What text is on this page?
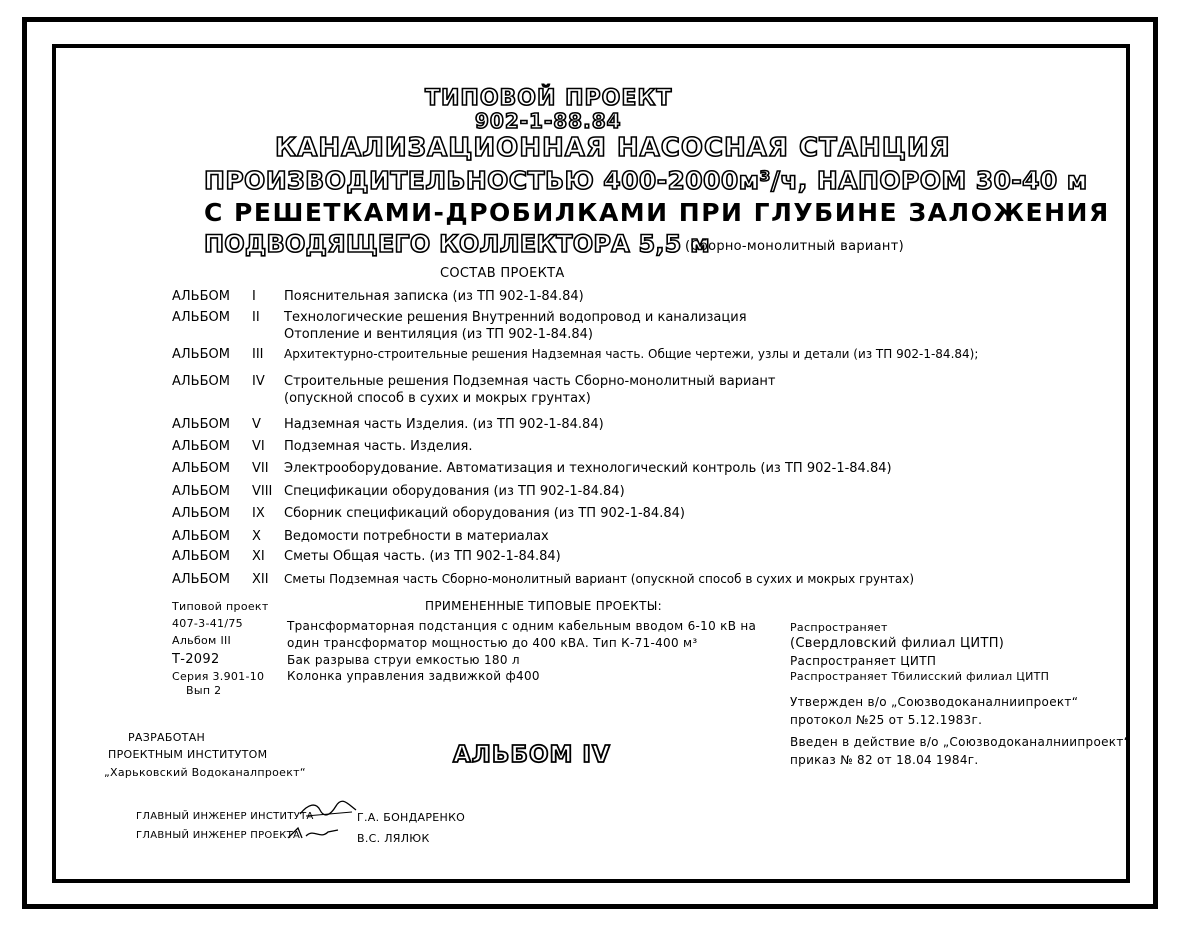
ТИПОВОЙ ПРОЕКТ
902-1-88.84
КАНАЛИЗАЦИОННАЯ НАСОСНАЯ СТАНЦИЯ
ПРОИЗВОДИТЕЛЬНОСТЬЮ 400-2000м³/ч, НАПОРОМ 30-40 м
С РЕШЕТКАМИ-ДРОБИЛКАМИ ПРИ ГЛУБИНЕ ЗАЛОЖЕНИЯ
ПОДВОДЯЩЕГО КОЛЛЕКТОРА 5,5 м
(Сборно-монолитный вариант)
СОСТАВ ПРОЕКТА
АЛЬБОМ I Пояснительная записка (из ТП 902-1-84.84)
АЛЬБОМ II Технологические решения Внутренний водопровод и канализация
Отопление и вентиляция (из ТП 902-1-84.84)
АЛЬБОМ III Архитектурно-строительные решения Надземная часть. Общие чертежи, узлы и детали (из ТП 902-1-84.84);
АЛЬБОМ IV Строительные решения Подземная часть Сборно-монолитный вариант
(опускной способ в сухих и мокрых грунтах)
АЛЬБОМ V Надземная часть Изделия. (из ТП 902-1-84.84)
АЛЬБОМ VI Подземная часть. Изделия.
АЛЬБОМ VII Электрооборудование. Автоматизация и технологический контроль (из ТП 902-1-84.84)
АЛЬБОМ VIII Спецификации оборудования (из ТП 902-1-84.84)
АЛЬБОМ IX Сборник спецификаций оборудования (из ТП 902-1-84.84)
АЛЬБОМ X Ведомости потребности в материалах
АЛЬБОМ XI Сметы Общая часть. (из ТП 902-1-84.84)
АЛЬБОМ XII Сметы Подземная часть Сборно-монолитный вариант (опускной способ в сухих и мокрых грунтах)
ПРИМЕНЕННЫЕ ТИПОВЫЕ ПРОЕКТЫ:
Типовой проект
407-3-41/75
Альбом III
Т-2092
Серия 3.901-10
Вып 2
Трансформаторная подстанция с одним кабельным вводом 6-10 кВ на
один трансформатор мощностью до 400 кВА. Тип К-71-400 м³
Бак разрыва струи емкостью 180 л
Колонка управления задвижкой ф400
Распространяет
(Свердловский филиал ЦИТП)
Распространяет ЦИТП
Распространяет Тбилисский филиал ЦИТП
Утвержден в/о „Союзводоканалниипроект“
протокол №25 от 5.12.1983г.
Введен в действие в/о „Союзводоканалниипроект“
приказ № 82 от 18.04 1984г.
РАЗРАБОТАН
ПРОЕКТНЫМ ИНСТИТУТОМ
„Харьковский Водоканалпроект“
АЛЬБОМ IV
ГЛАВНЫЙ ИНЖЕНЕР ИНСТИТУТА	Г.А. БОНДАРЕНКО
ГЛАВНЫЙ ИНЖЕНЕР ПРОЕКТА	В.С. ЛЯЛЮК
